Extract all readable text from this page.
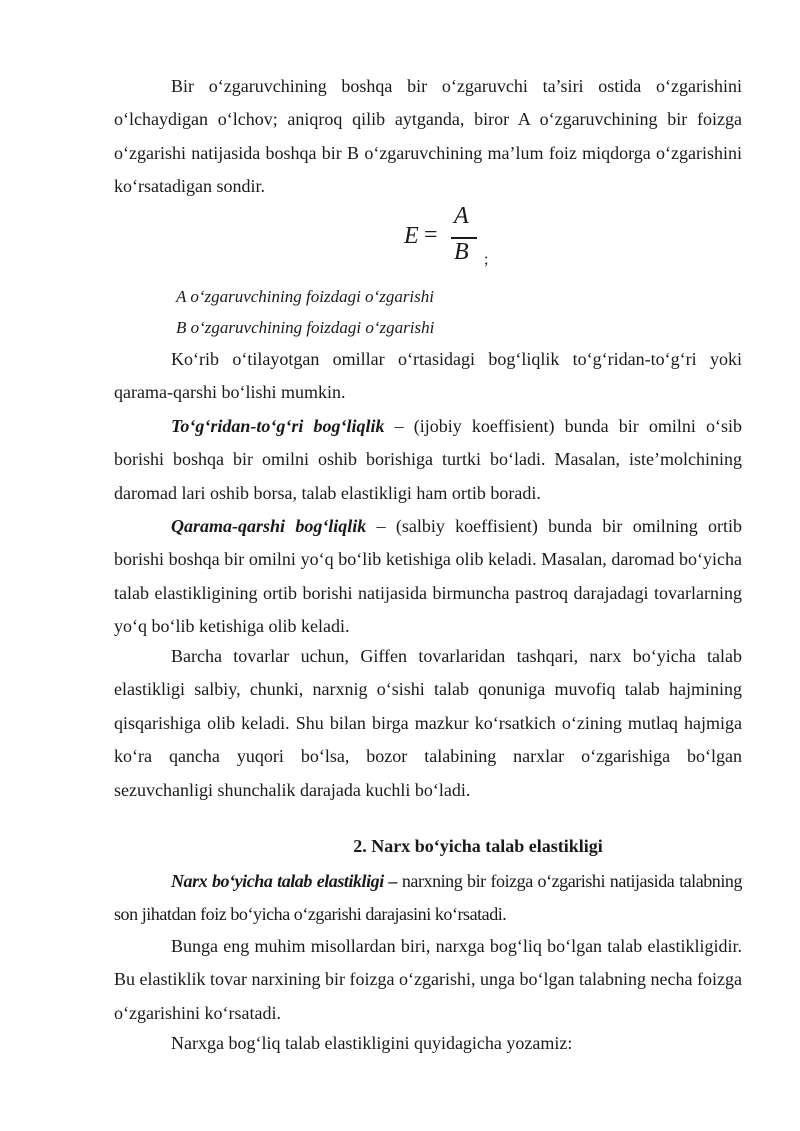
Bir o‘zgaruvchining boshqa bir o‘zgaruvchi ta’siri ostida o‘zgarishini o‘lchaydigan o‘lchov; aniqroq qilib aytganda, biror A o‘zgaruvchining bir foizga o‘zgarishi natijasida boshqa bir B o‘zgaruvchining ma’lum foiz miqdorga o‘zgarishini ko‘rsatadigan sondir.

E =
A
B ;
A o‘zgaruvchining foizdagi o‘zgarishi
B o‘zgaruvchining foizdagi o‘zgarishi

Ko‘rib o‘tilayotgan omillar o‘rtasidagi bog‘liqlik to‘g‘ridan-to‘g‘ri yoki qarama-qarshi bo‘lishi mumkin.

To‘g‘ridan-to‘g‘ri bog‘liqlik – (ijobiy koeffisient) bunda bir omilni o‘sib borishi boshqa bir omilni oshib borishiga turtki bo‘ladi. Masalan, iste’molchining daromad lari oshib borsa, talab elastikligi ham ortib boradi.

Qarama-qarshi bog‘liqlik – (salbiy koeffisient) bunda bir omilning ortib borishi boshqa bir omilni yo‘q bo‘lib ketishiga olib keladi. Masalan, daromad bo‘yicha talab elastikligining ortib borishi natijasida birmuncha pastroq darajadagi tovarlarning yo‘q bo‘lib ketishiga olib keladi.

Barcha tovarlar uchun, Giffen tovarlaridan tashqari, narx bo‘yicha talab elastikligi salbiy, chunki, narxnig o‘sishi talab qonuniga muvofiq talab hajmining qisqarishiga olib keladi. Shu bilan birga mazkur ko‘rsatkich o‘zining mutlaq hajmiga ko‘ra qancha yuqori bo‘lsa, bozor talabining narxlar o‘zgarishiga bo‘lgan sezuvchanligi shunchalik darajada kuchli bo‘ladi.

2. Narx bo‘yicha talab elastikligi

Narx bo‘yicha talab elastikligi – narxning bir foizga o‘zgarishi natijasida talabning son jihatdan foiz bo‘yicha o‘zgarishi darajasini ko‘rsatadi.

Bunga eng muhim misollardan biri, narxga bog‘liq bo‘lgan talab elastikligidir. Bu elastiklik tovar narxining bir foizga o‘zgarishi, unga bo‘lgan talabning necha foizga o‘zgarishini ko‘rsatadi.

Narxga bog‘liq talab elastikligini quyidagicha yozamiz:
